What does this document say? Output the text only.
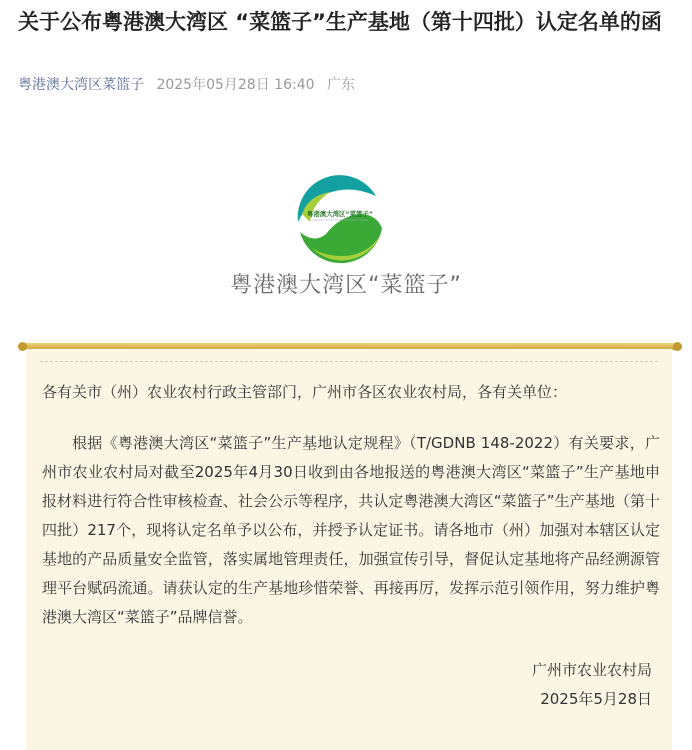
关于公布粤港澳大湾区 “菜篮子”生产基地（第十四批）认定名单的函
粤港澳大湾区菜篮子 2025年05月28日 16:40 广东
粤港澳大湾区“菜篮子”
粤港澳大湾区“菜篮子”
各有关市（州）农业农村行政主管部门，广州市各区农业农村局，各有关单位：
根据《粤港澳大湾区“菜篮子”生产基地认定规程》（T/GDNB 148-2022）有关要求，广州市农业农村局对截至2025年4月30日收到由各地报送的粤港澳大湾区“菜篮子”生产基地申报材料进行符合性审核检查、社会公示等程序，共认定粤港澳大湾区“菜篮子”生产基地（第十四批）217个，现将认定名单予以公布，并授予认定证书。请各地市（州）加强对本辖区认定基地的产品质量安全监管，落实属地管理责任，加强宣传引导，督促认定基地将产品经溯源管理平台赋码流通。请获认定的生产基地珍惜荣誉、再接再厉，发挥示范引领作用，努力维护粤港澳大湾区“菜篮子”品牌信誉。
广州市农业农村局
2025年5月28日
